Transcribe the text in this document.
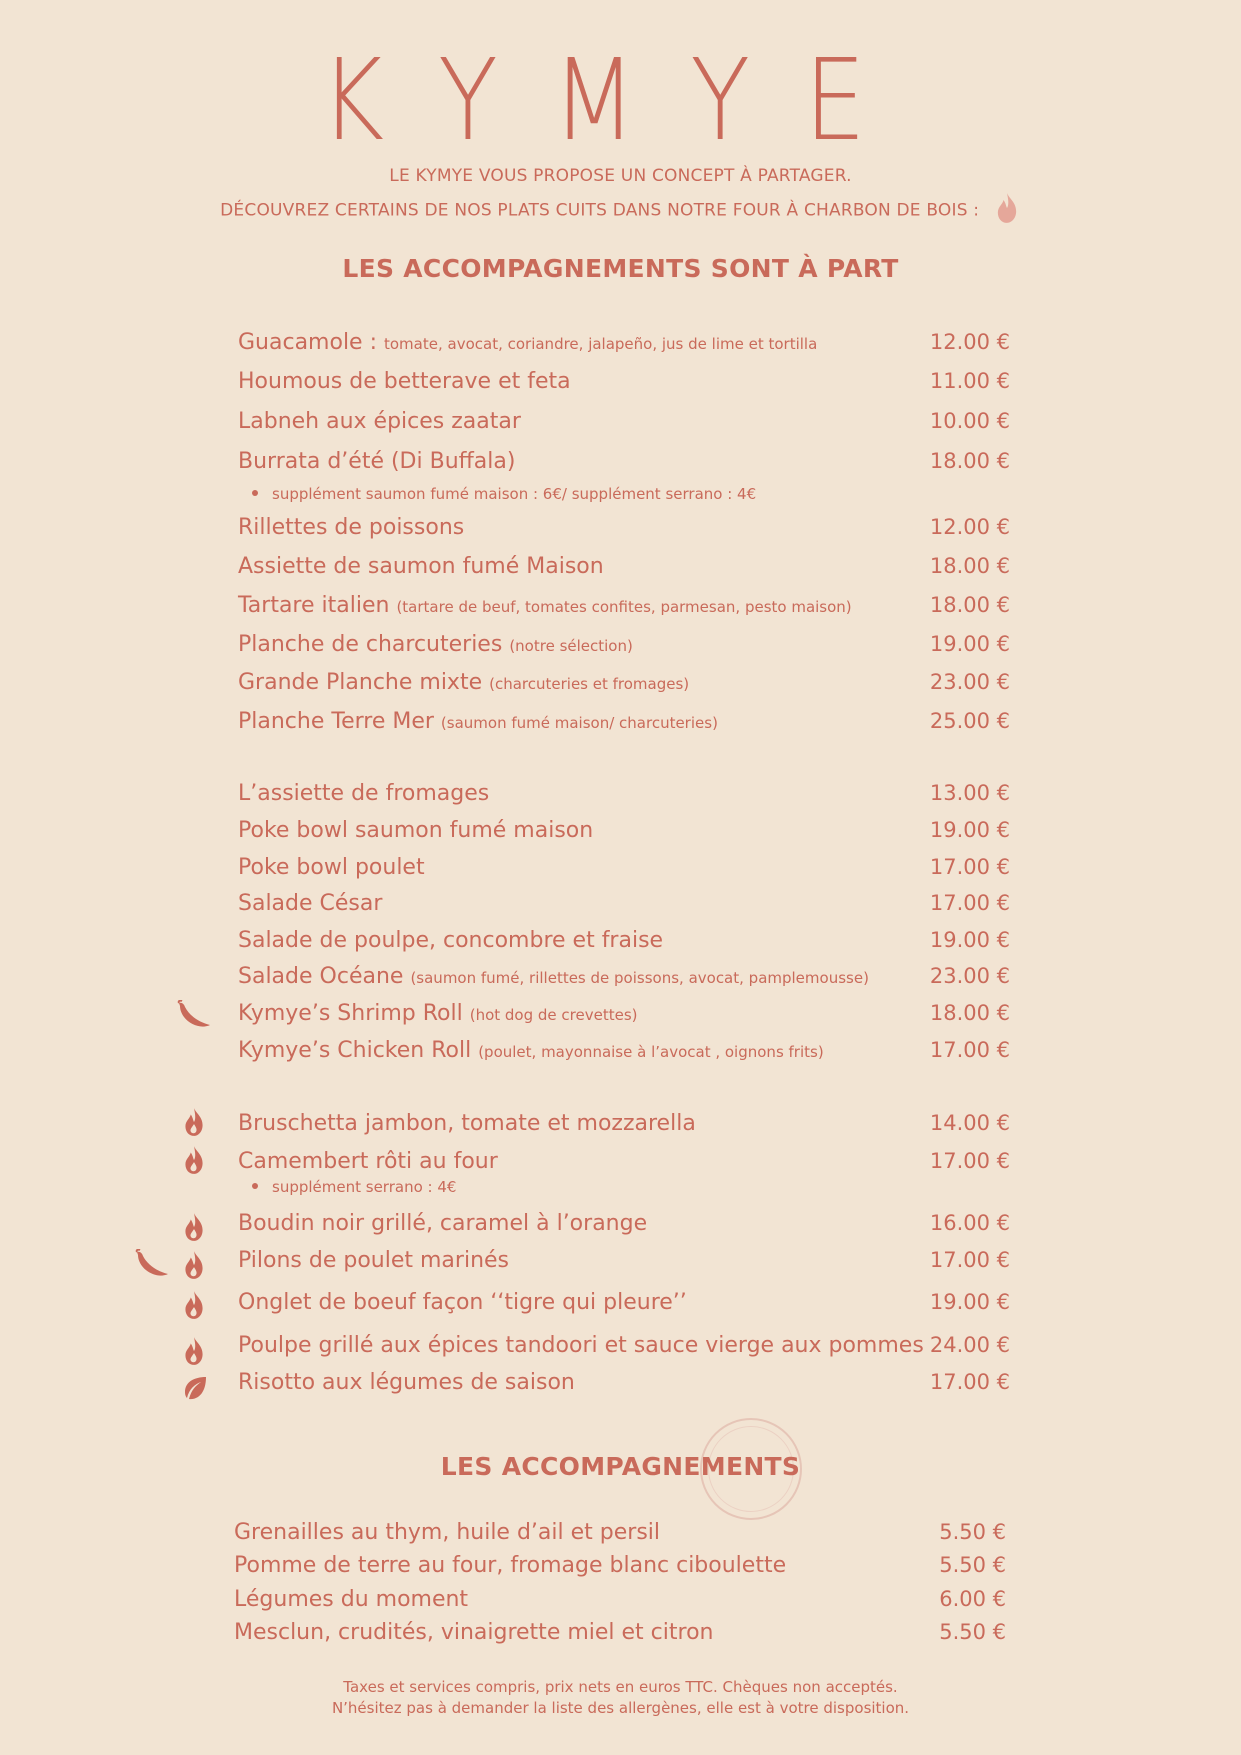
KYMYE
LE KYMYE VOUS PROPOSE UN CONCEPT À PARTAGER.
DÉCOUVREZ CERTAINS DE NOS PLATS CUITS DANS NOTRE FOUR À CHARBON DE BOIS :
LES ACCOMPAGNEMENTS SONT À PART
Guacamole : tomate, avocat, coriandre, jalapeño, jus de lime et tortilla	12.00 €
Houmous de betterave et feta	11.00 €
Labneh aux épices zaatar	10.00 €
Burrata d’été (Di Buffala)	18.00 €
supplément saumon fumé maison : 6€/ supplément serrano : 4€
Rillettes de poissons	12.00 €
Assiette de saumon fumé Maison	18.00 €
Tartare italien (tartare de beuf, tomates confites, parmesan, pesto maison)	18.00 €
Planche de charcuteries (notre sélection)	19.00 €
Grande Planche mixte (charcuteries et fromages)	23.00 €
Planche Terre Mer (saumon fumé maison/ charcuteries)	25.00 €
L’assiette de fromages	13.00 €
Poke bowl saumon fumé maison	19.00 €
Poke bowl poulet	17.00 €
Salade César	17.00 €
Salade de poulpe, concombre et fraise	19.00 €
Salade Océane (saumon fumé, rillettes de poissons, avocat, pamplemousse)	23.00 €
Kymye’s Shrimp Roll (hot dog de crevettes)	18.00 €
Kymye’s Chicken Roll (poulet, mayonnaise à l’avocat , oignons frits)	17.00 €
Bruschetta jambon, tomate et mozzarella	14.00 €
Camembert rôti au four	17.00 €
supplément serrano : 4€
Boudin noir grillé, caramel à l’orange	16.00 €
Pilons de poulet marinés	17.00 €
Onglet de boeuf façon ‘‘tigre qui pleure’’	19.00 €
Poulpe grillé aux épices tandoori et sauce vierge aux pommes 24.00 €
Risotto aux légumes de saison	17.00 €
LES ACCOMPAGNEMENTS
Grenailles au thym, huile d’ail et persil	5.50 €
Pomme de terre au four, fromage blanc ciboulette	5.50 €
Légumes du moment	6.00 €
Mesclun, crudités, vinaigrette miel et citron	5.50 €
Taxes et services compris, prix nets en euros TTC. Chèques non acceptés.
N’hésitez pas à demander la liste des allergènes, elle est à votre disposition.
